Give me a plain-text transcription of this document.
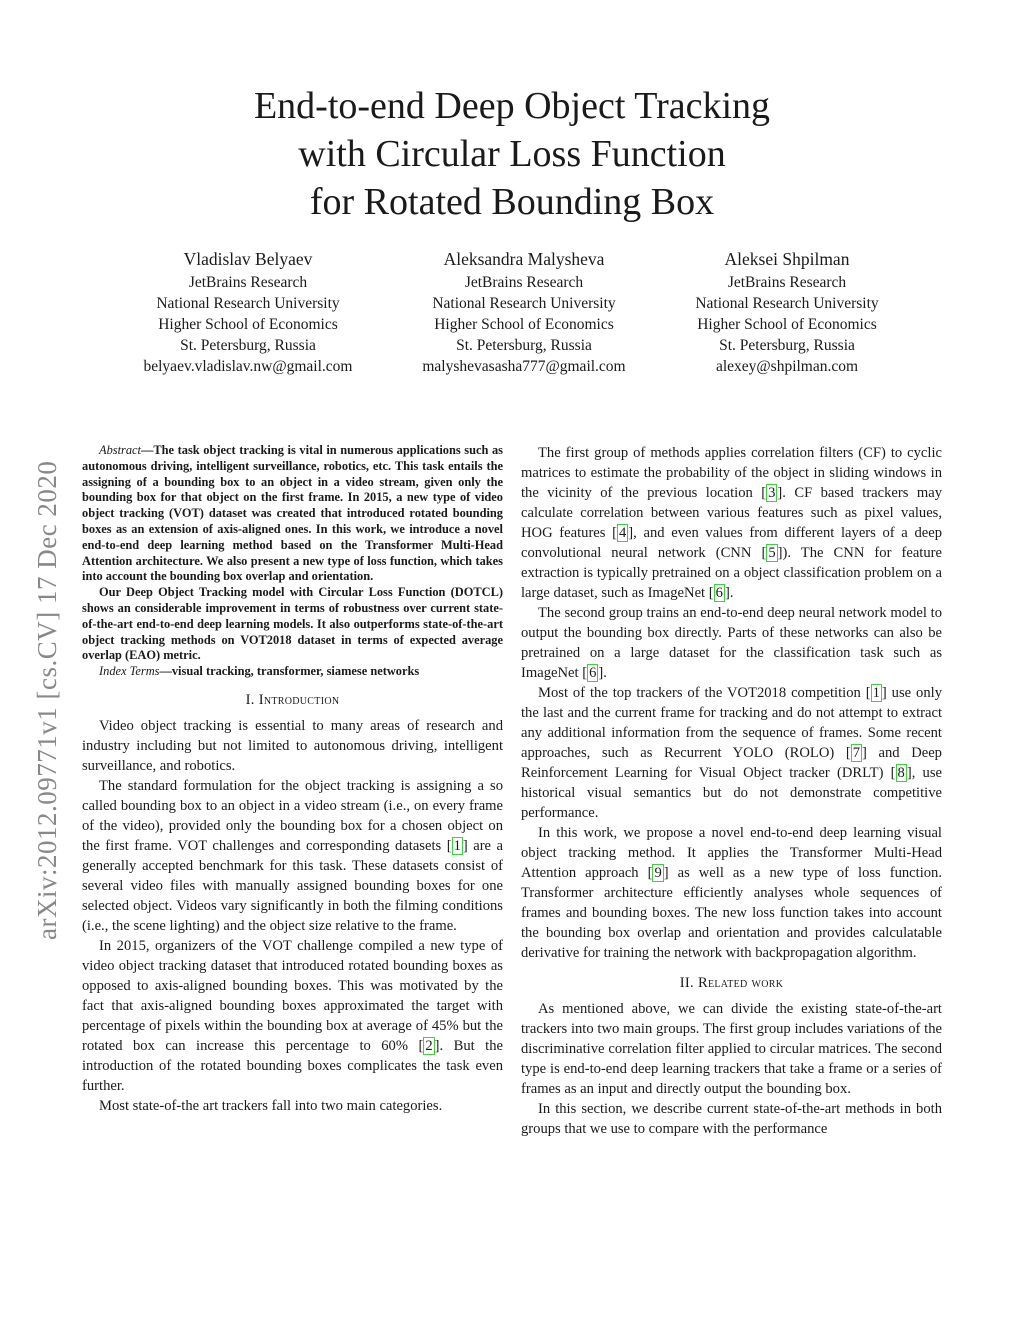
arXiv:2012.09771v1 [cs.CV] 17 Dec 2020
End-to-end Deep Object Tracking
with Circular Loss Function
for Rotated Bounding Box
Vladislav Belyaev
JetBrains Research
National Research University
Higher School of Economics
St. Petersburg, Russia
belyaev.vladislav.nw@gmail.com
Aleksandra Malysheva
JetBrains Research
National Research University
Higher School of Economics
St. Petersburg, Russia
malyshevasasha777@gmail.com
Aleksei Shpilman
JetBrains Research
National Research University
Higher School of Economics
St. Petersburg, Russia
alexey@shpilman.com

Abstract—The task object tracking is vital in numerous applications such as autonomous driving, intelligent surveillance, robotics, etc. This task entails the assigning of a bounding box to an object in a video stream, given only the bounding box for that object on the first frame. In 2015, a new type of video object tracking (VOT) dataset was created that introduced rotated bounding boxes as an extension of axis-aligned ones. In this work, we introduce a novel end-to-end deep learning method based on the Transformer Multi-Head Attention architecture. We also present a new type of loss function, which takes into account the bounding box overlap and orientation.

Our Deep Object Tracking model with Circular Loss Function (DOTCL) shows an considerable improvement in terms of robustness over current state-of-the-art end-to-end deep learning models. It also outperforms state-of-the-art object tracking methods on VOT2018 dataset in terms of expected average overlap (EAO) metric.

Index Terms—visual tracking, transformer, siamese networks

I. Introduction

Video object tracking is essential to many areas of research and industry including but not limited to autonomous driving, intelligent surveillance, and robotics.

The standard formulation for the object tracking is assigning a so called bounding box to an object in a video stream (i.e., on every frame of the video), provided only the bounding box for a chosen object on the first frame. VOT challenges and corresponding datasets [ 1 ] are a generally accepted benchmark for this task. These datasets consist of several video files with manually assigned bounding boxes for one selected object. Videos vary significantly in both the filming conditions (i.e., the scene lighting) and the object size relative to the frame.

In 2015, organizers of the VOT challenge compiled a new type of video object tracking dataset that introduced rotated bounding boxes as opposed to axis-aligned bounding boxes. This was motivated by the fact that axis-aligned bounding boxes approximated the target with percentage of pixels within the bounding box at average of 45% but the rotated box can increase this percentage to 60% [ 2 ]. But the introduction of the rotated bounding boxes complicates the task even further.

Most state-of-the art trackers fall into two main categories.

The first group of methods applies correlation filters (CF) to cyclic matrices to estimate the probability of the object in sliding windows in the vicinity of the previous location [ 3 ]. CF based trackers may calculate correlation between various features such as pixel values, HOG features [ 4 ], and even values from different layers of a deep convolutional neural network (CNN [ 5 ]). The CNN for feature extraction is typically pretrained on a object classification problem on a large dataset, such as ImageNet [ 6 ].

The second group trains an end-to-end deep neural network model to output the bounding box directly. Parts of these networks can also be pretrained on a large dataset for the classification task such as ImageNet [ 6 ].

Most of the top trackers of the VOT2018 competition [ 1 ] use only the last and the current frame for tracking and do not attempt to extract any additional information from the sequence of frames. Some recent approaches, such as Recurrent YOLO (ROLO) [ 7 ] and Deep Reinforcement Learning for Visual Object tracker (DRLT) [ 8 ], use historical visual semantics but do not demonstrate competitive performance.

In this work, we propose a novel end-to-end deep learning visual object tracking method. It applies the Transformer Multi-Head Attention approach [ 9 ] as well as a new type of loss function. Transformer architecture efficiently analyses whole sequences of frames and bounding boxes. The new loss function takes into account the bounding box overlap and orientation and provides calculatable derivative for training the network with backpropagation algorithm.

II. Related work

As mentioned above, we can divide the existing state-of-the-art trackers into two main groups. The first group includes variations of the discriminative correlation filter applied to circular matrices. The second type is end-to-end deep learning trackers that take a frame or a series of frames as an input and directly output the bounding box.

In this section, we describe current state-of-the-art methods in both groups that we use to compare with the performance
